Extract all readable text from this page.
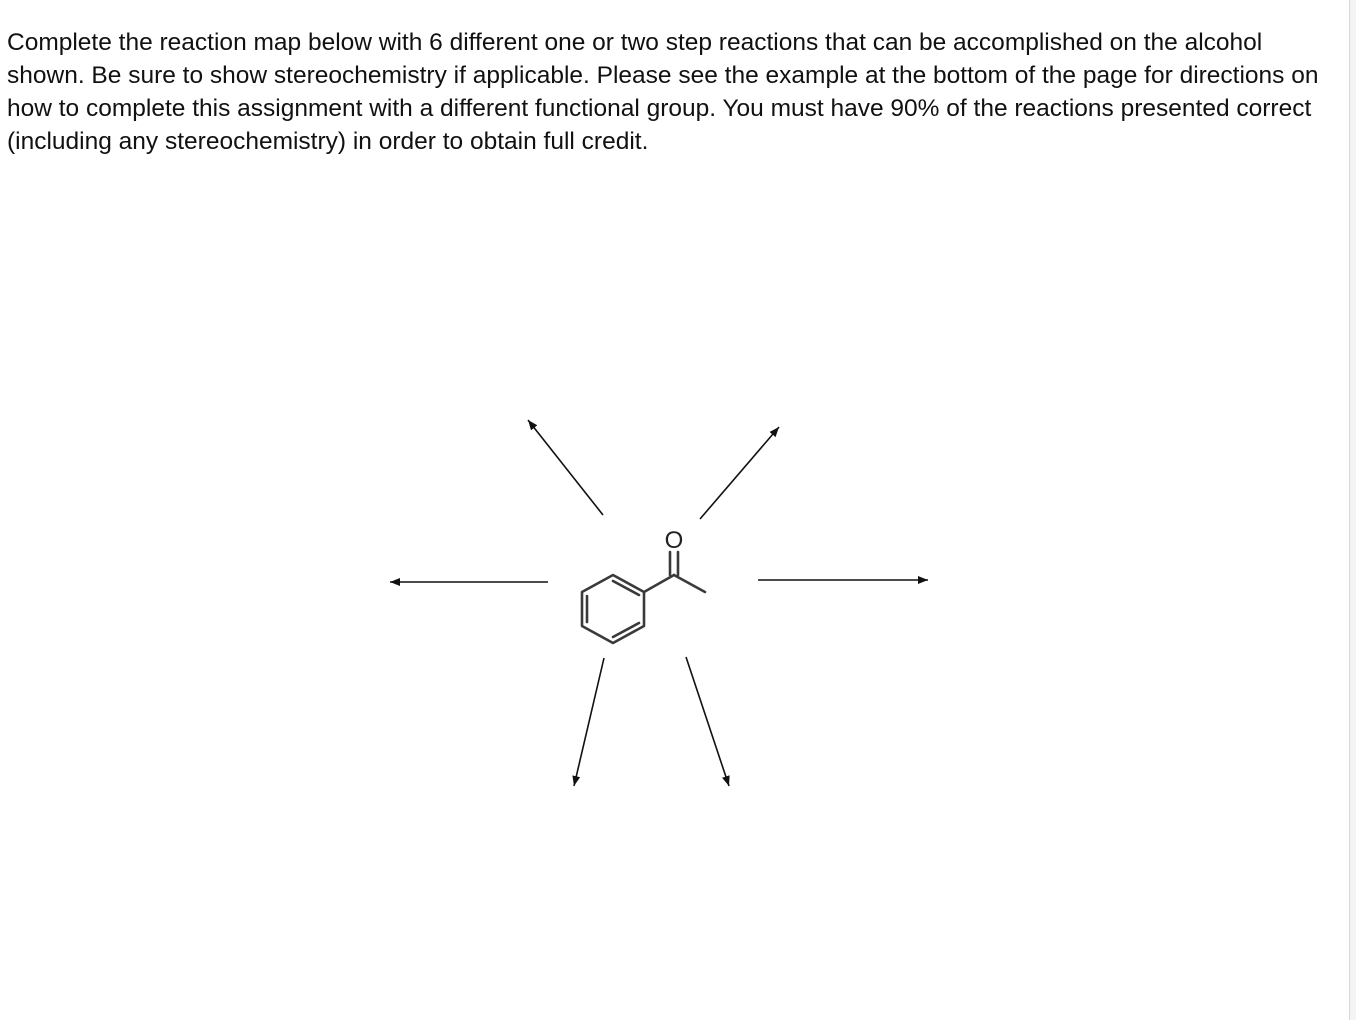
Complete the reaction map below with 6 different one or two step reactions that can be accomplished on the alcohol shown. Be sure to show stereochemistry if applicable. Please see the example at the bottom of the page for directions on how to complete this assignment with a different functional group. You must have 90% of the reactions presented correct (including any stereochemistry) in order to obtain full credit.

O
